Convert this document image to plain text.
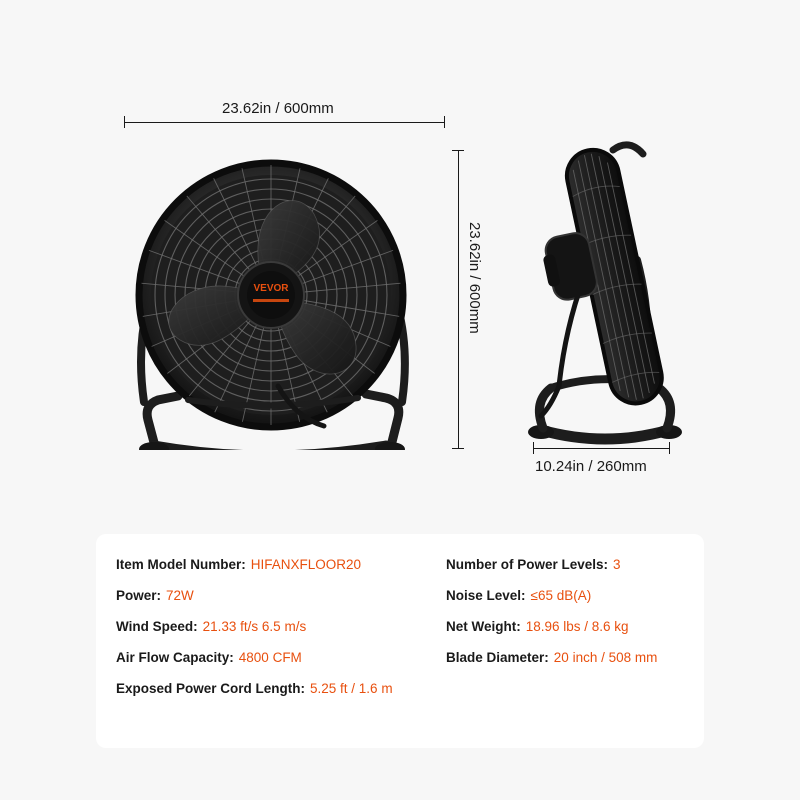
23.62in / 600mm
23.62in / 600mm
10.24in / 260mm
VEVOR
Item Model Number: HIFANXFLOOR20
Power: 72W
Wind Speed: 21.33 ft/s 6.5 m/s
Air Flow Capacity: 4800 CFM
Exposed Power Cord Length: 5.25 ft / 1.6 m
Number of Power Levels: 3
Noise Level: ≤65 dB(A)
Net Weight: 18.96 lbs / 8.6 kg
Blade Diameter: 20 inch / 508 mm
